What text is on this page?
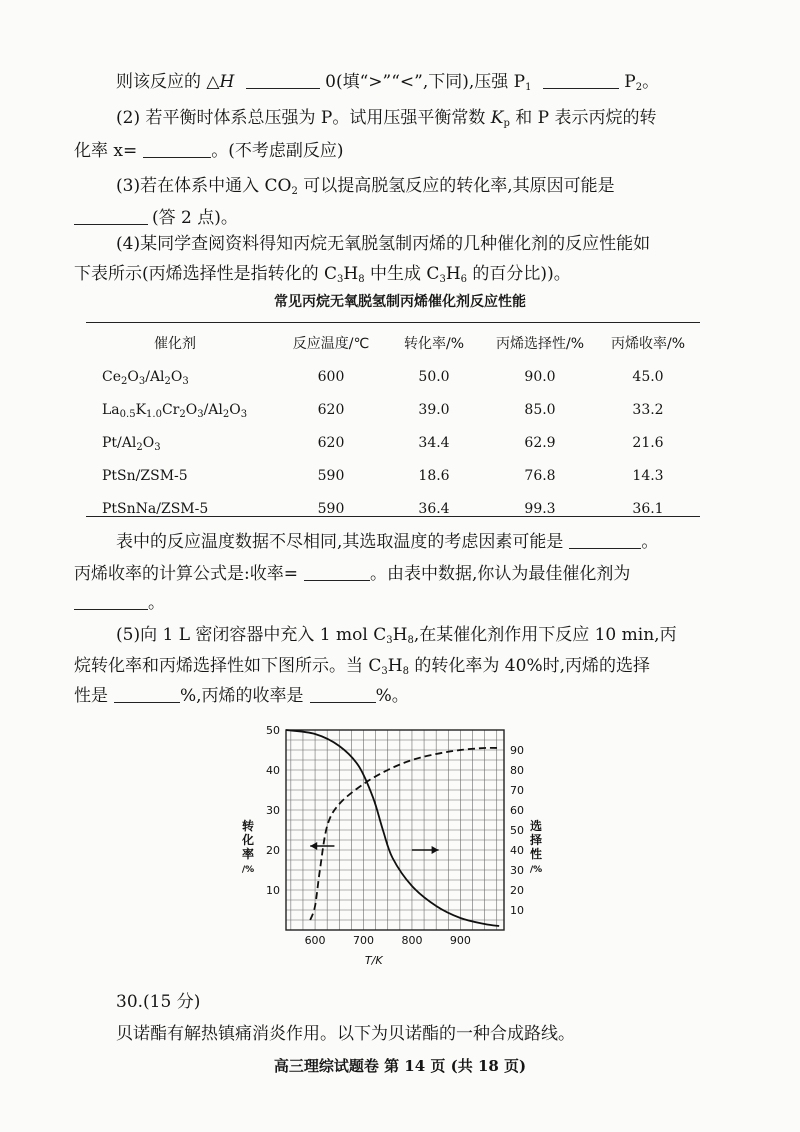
则该反应的 △H	0(填“>”“<”,下同),压强 $P_1$	$P_2$。
(2) 若平衡时体系总压强为 P。试用压强平衡常数 $K_p$ 和 P 表示丙烷的转
化率 x=	。(不考虑副反应)
(3)若在体系中通入 $CO_2$ 可以提高脱氢反应的转化率,其原因可能是
(答 2 点)。
(4)某同学查阅资料得知丙烷无氧脱氢制丙烯的几种催化剂的反应性能如
下表所示(丙烯选择性是指转化的 $C_3H_8$ 中生成 $C_3H_6$ 的百分比))。
常见丙烷无氧脱氢制丙烯催化剂反应性能
催化剂	反应温度/℃	转化率/%	丙烯选择性/%	丙烯收率/%
$Ce_2O_3/Al_2O_3$	600	50.0	90.0	45.0
$La_{0.5}K_{1.0}Cr_2O_3/Al_2O_3$	620	39.0	85.0	33.2
$Pt/Al_2O_3$	620	34.4	62.9	21.6
PtSn/ZSM-5	590	18.6	76.8	14.3
PtSnNa/ZSM-5	590	36.4	99.3	36.1
表中的反应温度数据不尽相同,其选取温度的考虑因素可能是	。
丙烯收率的计算公式是:收率=	。由表中数据,你认为最佳催化剂为
。
(5)向 1 L 密闭容器中充入 1 mol $C_3H_8$,在某催化剂作用下反应 10 min,丙
烷转化率和丙烯选择性如下图所示。当 $C_3H_8$ 的转化率为 40%时,丙烯的选择
性是	%,丙烯的收率是	%。
10
20
30
40
50
10
20
30
40
50
60
70
80
90
600 700 800 900
T/K
转
化
率
/%
选
择
性
/%
30.(15 分)
贝诺酯有解热镇痛消炎作用。以下为贝诺酯的一种合成路线。
高三理综试题卷 第 14 页 (共 18 页)
